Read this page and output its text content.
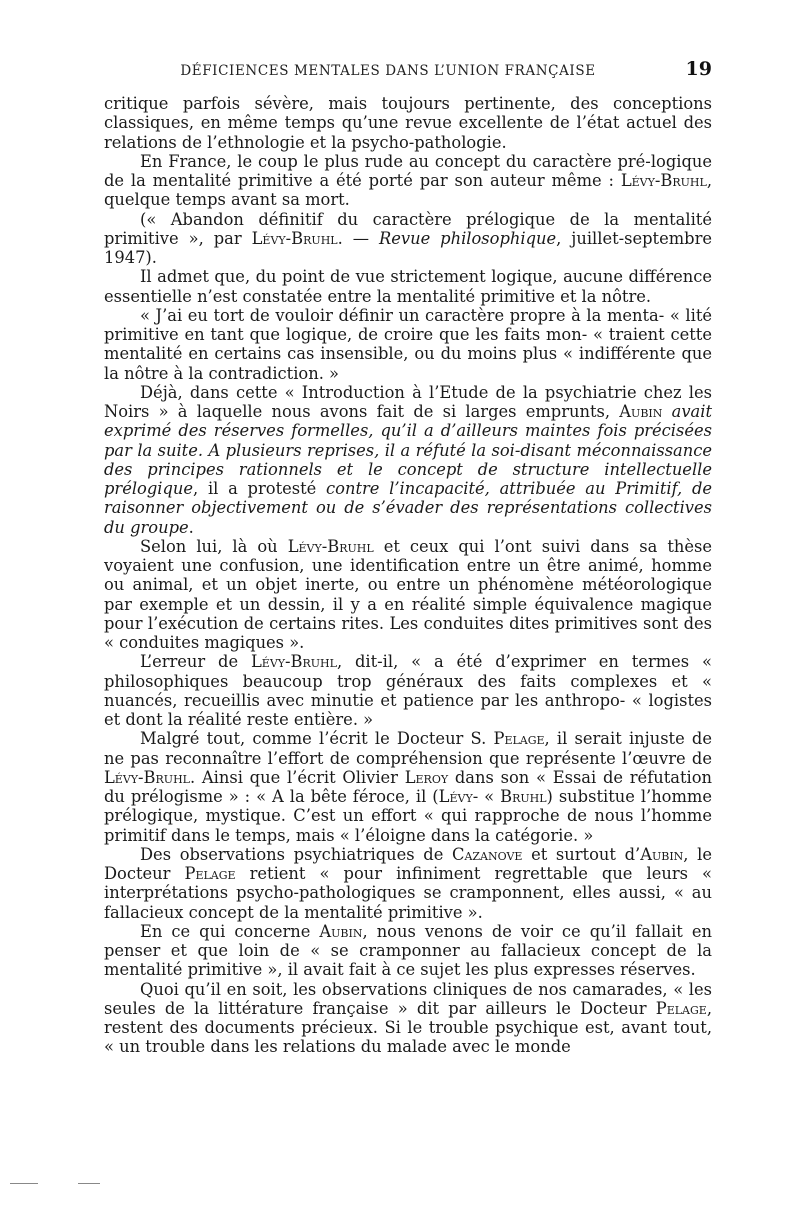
DÉFICIENCES MENTALES DANS L’UNION FRANÇAISE	19

critique parfois sévère, mais toujours pertinente, des conceptions classiques, en même temps qu’une revue excellente de l’état actuel des relations de l’ethnologie et la psycho-pathologie.

En France, le coup le plus rude au concept du caractère pré-logique de la mentalité primitive a été porté par son auteur même : Lévy-Bruhl, quelque temps avant sa mort.

(« Abandon définitif du caractère prélogique de la mentalité primitive », par Lévy-Bruhl. — Revue philosophique, juillet-septembre 1947).

Il admet que, du point de vue strictement logique, aucune différence essentielle n’est constatée entre la mentalité primitive et la nôtre.

« J’ai eu tort de vouloir définir un caractère propre à la menta- « lité primitive en tant que logique, de croire que les faits mon- « traient cette mentalité en certains cas insensible, ou du moins plus « indifférente que la nôtre à la contradiction. »

Déjà, dans cette « Introduction à l’Etude de la psychiatrie chez les Noirs » à laquelle nous avons fait de si larges emprunts, Aubin avait exprimé des réserves formelles, qu’il a d’ailleurs maintes fois précisées par la suite. A plusieurs reprises, il a réfuté la soi-disant méconnaissance des principes rationnels et le concept de structure intellectuelle prélogique, il a protesté contre l’incapacité, attribuée au Primitif, de raisonner objectivement ou de s’évader des représentations collectives du groupe.

Selon lui, là où Lévy-Bruhl et ceux qui l’ont suivi dans sa thèse voyaient une confusion, une identification entre un être animé, homme ou animal, et un objet inerte, ou entre un phénomène météorologique par exemple et un dessin, il y a en réalité simple équivalence magique pour l’exécution de certains rites. Les conduites dites primitives sont des « conduites magiques ».

L’erreur de Lévy-Bruhl, dit-il, « a été d’exprimer en termes « philosophiques beaucoup trop généraux des faits complexes et « nuancés, recueillis avec minutie et patience par les anthropo- « logistes et dont la réalité reste entière. »

Malgré tout, comme l’écrit le Docteur S. Pelage, il serait injuste de ne pas reconnaître l’effort de compréhension que représente l’œuvre de Lévy-Bruhl. Ainsi que l’écrit Olivier Leroy dans son « Essai de réfutation du prélogisme » : « A la bête féroce, il (Lévy- « Bruhl) substitue l’homme prélogique, mystique. C’est un effort « qui rapproche de nous l’homme primitif dans le temps, mais « l’éloigne dans la catégorie. »

Des observations psychiatriques de Cazanove et surtout d’Aubin, le Docteur Pelage retient « pour infiniment regrettable que leurs « interprétations psycho-pathologiques se cramponnent, elles aussi, « au fallacieux concept de la mentalité primitive ».

En ce qui concerne Aubin, nous venons de voir ce qu’il fallait en penser et que loin de « se cramponner au fallacieux concept de la mentalité primitive », il avait fait à ce sujet les plus expresses réserves.

Quoi qu’il en soit, les observations cliniques de nos camarades, « les seules de la littérature française » dit par ailleurs le Docteur Pelage, restent des documents précieux. Si le trouble psychique est, avant tout, « un trouble dans les relations du malade avec le monde
